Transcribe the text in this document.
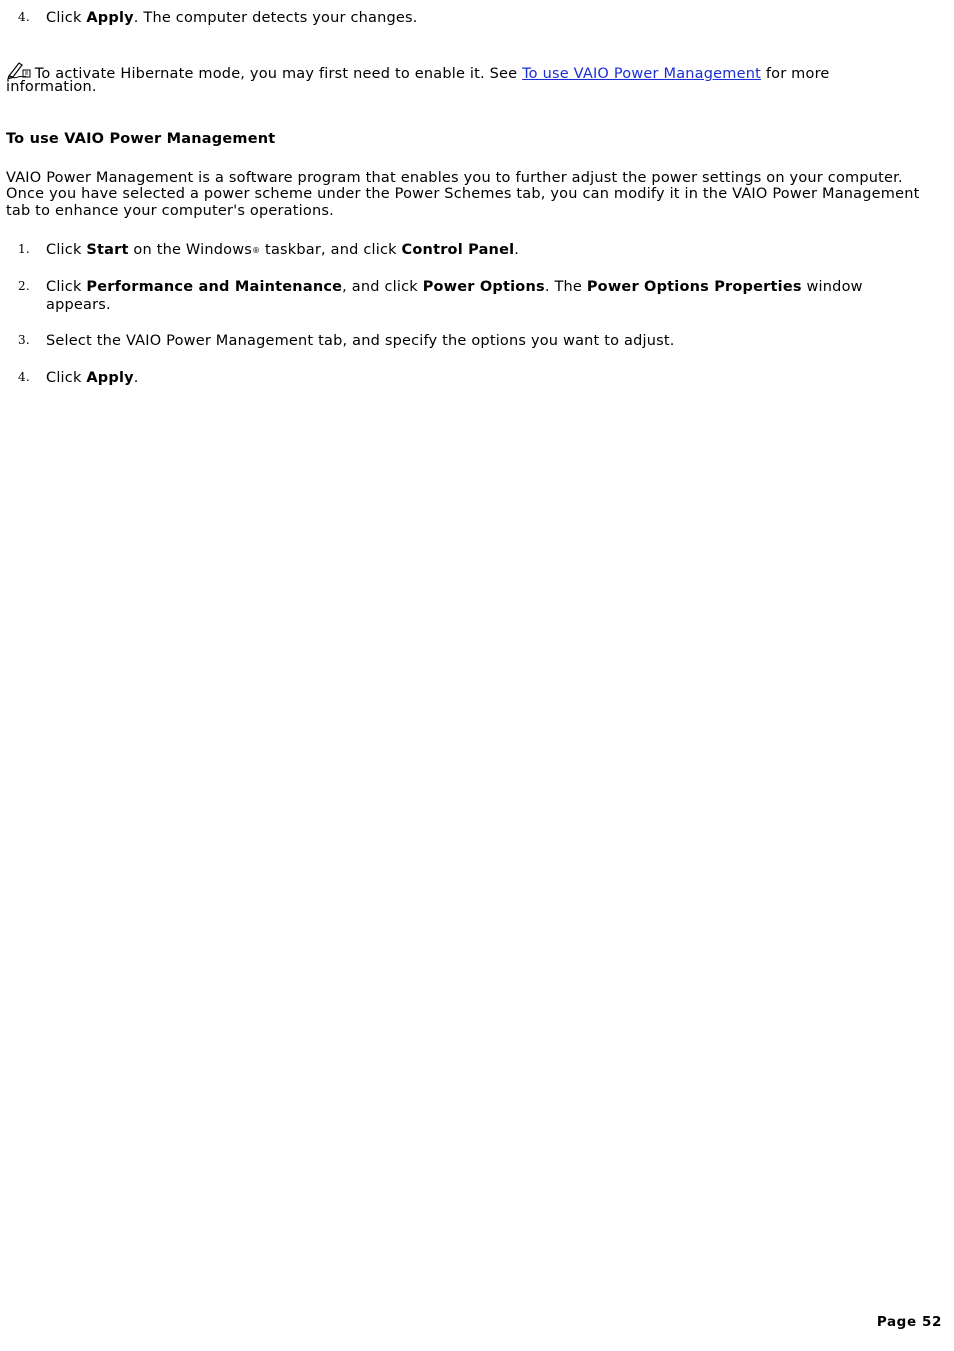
4. Click Apply. The computer detects your changes.
To activate Hibernate mode, you may first need to enable it. See To use VAIO Power Management for more
information.
To use VAIO Power Management
VAIO Power Management is a software program that enables you to further adjust the power settings on your computer.
Once you have selected a power scheme under the Power Schemes tab, you can modify it in the VAIO Power Management
tab to enhance your computer's operations.
1. Click Start on the Windows® taskbar, and click Control Panel.
2. Click Performance and Maintenance, and click Power Options. The Power Options Properties window
appears.
3. Select the VAIO Power Management tab, and specify the options you want to adjust.
4. Click Apply.
Page 52
